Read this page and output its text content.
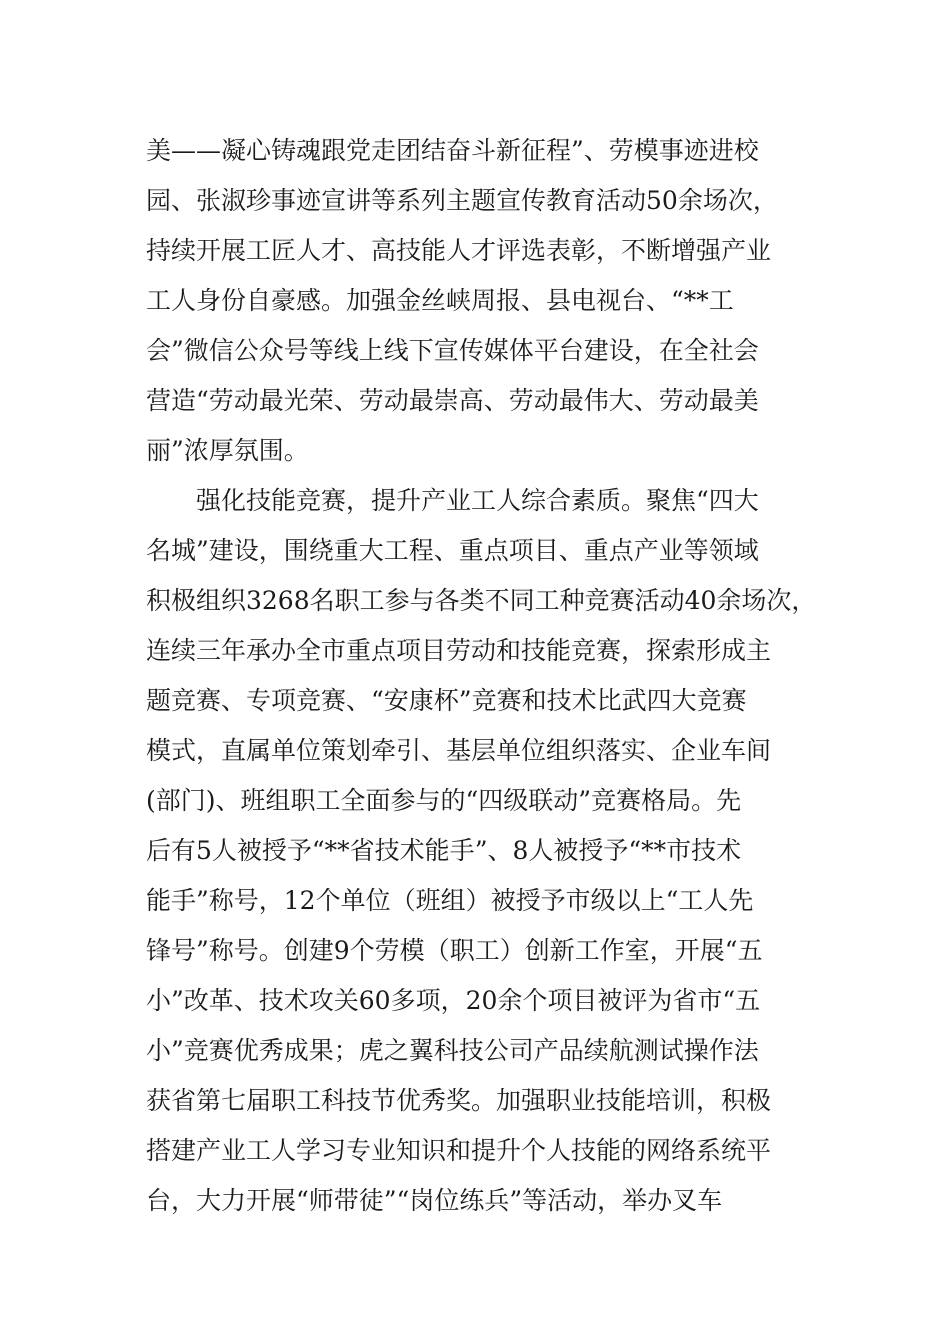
美——凝心铸魂跟党走团结奋斗新征程”、劳模事迹进校
园、张淑珍事迹宣讲等系列主题宣传教育活动50余场次，
持续开展工匠人才、高技能人才评选表彰，不断增强产业
工人身份自豪感。加强金丝峡周报、县电视台、“**工
会”微信公众号等线上线下宣传媒体平台建设，在全社会
营造“劳动最光荣、劳动最崇高、劳动最伟大、劳动最美
丽”浓厚氛围。
强化技能竞赛，提升产业工人综合素质。聚焦“四大
名城”建设，围绕重大工程、重点项目、重点产业等领域
积极组织3268名职工参与各类不同工种竞赛活动40余场次，
连续三年承办全市重点项目劳动和技能竞赛，探索形成主
题竞赛、专项竞赛、“安康杯”竞赛和技术比武四大竞赛
模式，直属单位策划牵引、基层单位组织落实、企业车间
(部门)、班组职工全面参与的“四级联动”竞赛格局。先
后有5人被授予“**省技术能手”、8人被授予“**市技术
能手”称号，12个单位（班组）被授予市级以上“工人先
锋号”称号。创建9个劳模（职工）创新工作室，开展“五
小”改革、技术攻关60多项，20余个项目被评为省市“五
小”竞赛优秀成果；虎之翼科技公司产品续航测试操作法
获省第七届职工科技节优秀奖。加强职业技能培训，积极
搭建产业工人学习专业知识和提升个人技能的网络系统平
台，大力开展“师带徒”“岗位练兵”等活动，举办叉车
